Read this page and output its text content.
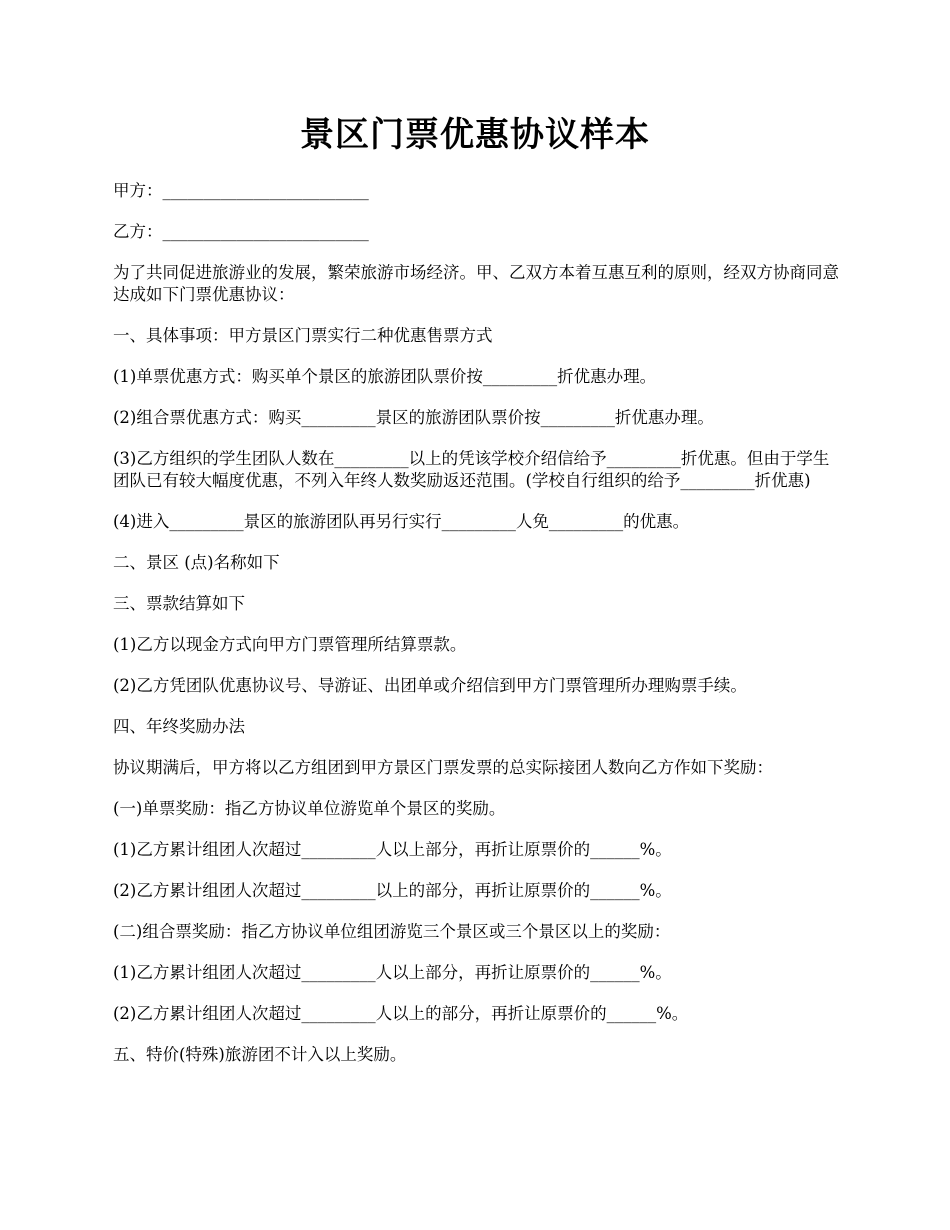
景区门票优惠协议样本

甲方：_________________________

乙方：_________________________

为了共同促进旅游业的发展，繁荣旅游市场经济。甲、乙双方本着互惠互利的原则，经双方协商同意达成如下门票优惠协议：

一、具体事项：甲方景区门票实行二种优惠售票方式

(1)单票优惠方式：购买单个景区的旅游团队票价按_________折优惠办理。

(2)组合票优惠方式：购买_________景区的旅游团队票价按_________折优惠办理。

(3)乙方组织的学生团队人数在_________以上的凭该学校介绍信给予_________折优惠。但由于学生团队已有较大幅度优惠，不列入年终人数奖励返还范围。(学校自行组织的给予_________折优惠)

(4)进入_________景区的旅游团队再另行实行_________人免_________的优惠。

二、景区 (点)名称如下

三、票款结算如下

(1)乙方以现金方式向甲方门票管理所结算票款。

(2)乙方凭团队优惠协议号、导游证、出团单或介绍信到甲方门票管理所办理购票手续。

四、年终奖励办法

协议期满后，甲方将以乙方组团到甲方景区门票发票的总实际接团人数向乙方作如下奖励：

(一)单票奖励：指乙方协议单位游览单个景区的奖励。

(1)乙方累计组团人次超过_________人以上部分，再折让原票价的______%。

(2)乙方累计组团人次超过_________以上的部分，再折让原票价的______%。

(二)组合票奖励：指乙方协议单位组团游览三个景区或三个景区以上的奖励：

(1)乙方累计组团人次超过_________人以上部分，再折让原票价的______%。

(2)乙方累计组团人次超过_________人以上的部分，再折让原票价的______%。

五、特价(特殊)旅游团不计入以上奖励。
